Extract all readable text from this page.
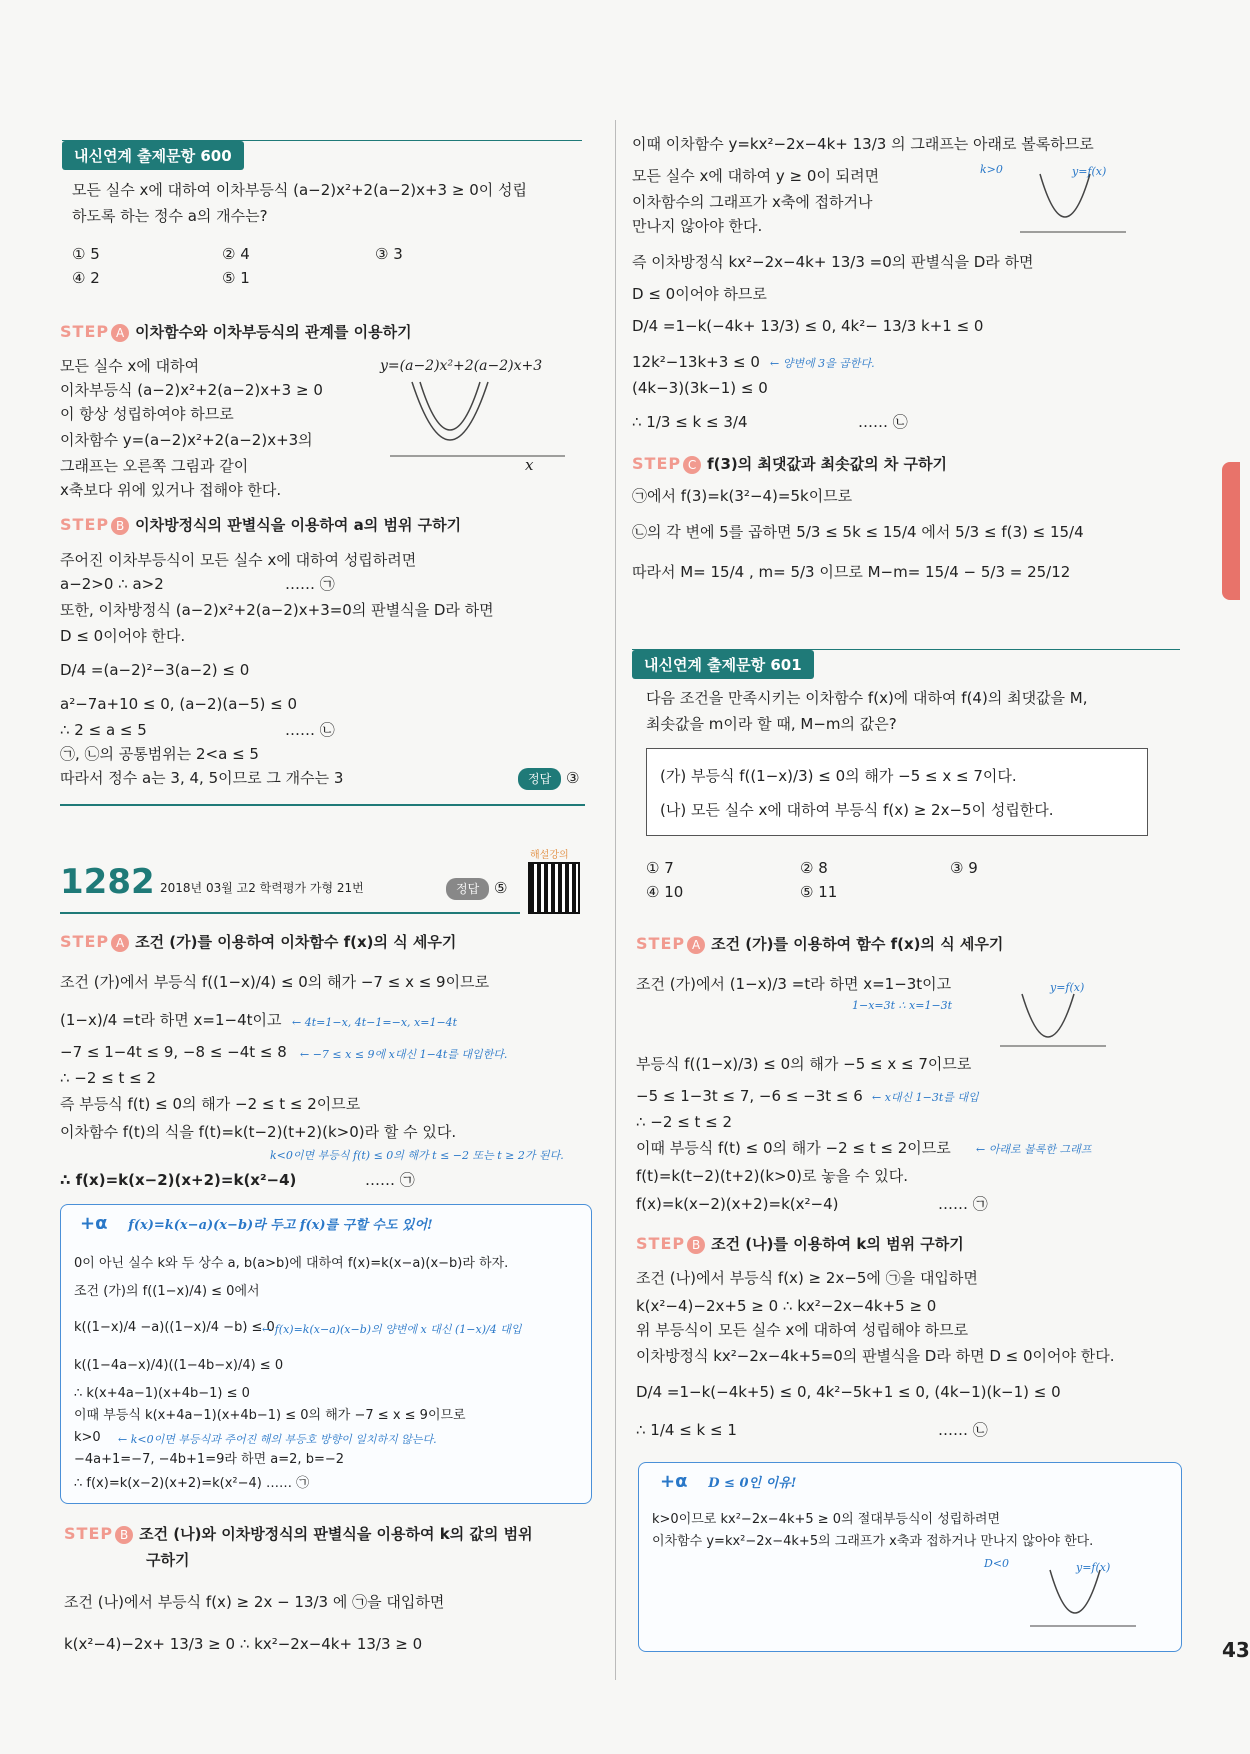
내신연계 출제문항 600
모든 실수 x에 대하여 이차부등식 (a−2)x²+2(a−2)x+3 ≥ 0이 성립
하도록 하는 정수 a의 개수는?
① 5	② 4	③ 3
④ 2	⑤ 1
STEP A 이차함수와 이차부등식의 관계를 이용하기
모든 실수 x에 대하여
이차부등식 (a−2)x²+2(a−2)x+3 ≥ 0
이 항상 성립하여야 하므로
이차함수 y=(a−2)x²+2(a−2)x+3의
그래프는 오른쪽 그림과 같이
x축보다 위에 있거나 접해야 한다.
y=(a−2)x²+2(a−2)x+3
x
STEP B 이차방정식의 판별식을 이용하여 a의 범위 구하기
주어진 이차부등식이 모든 실수 x에 대하여 성립하려면
a−2>0 ∴ a>2	…… ㉠
또한, 이차방정식 (a−2)x²+2(a−2)x+3=0의 판별식을 D라 하면
D ≤ 0이어야 한다.
D/4 =(a−2)²−3(a−2) ≤ 0
a²−7a+10 ≤ 0, (a−2)(a−5) ≤ 0
∴ 2 ≤ a ≤ 5	…… ㉡
㉠, ㉡의 공통범위는 2<a ≤ 5
따라서 정수 a는 3, 4, 5이므로 그 개수는 3	정답 ③
1282 2018년 03월 고2 학력평가 가형 21번	정답 ⑤
해설강의
STEP A 조건 (가)를 이용하여 이차함수 f(x)의 식 세우기
조건 (가)에서 부등식 f((1−x)/4) ≤ 0의 해가 −7 ≤ x ≤ 9이므로
(1−x)/4 =t라 하면 x=1−4t이고 ← 4t=1−x, 4t−1=−x, x=1−4t
−7 ≤ 1−4t ≤ 9, −8 ≤ −4t ≤ 8 ← −7 ≤ x ≤ 9에 x대신 1−4t를 대입한다.
∴ −2 ≤ t ≤ 2
즉 부등식 f(t) ≤ 0의 해가 −2 ≤ t ≤ 2이므로
이차함수 f(t)의 식을 f(t)=k(t−2)(t+2)(k>0)라 할 수 있다.
k<0이면 부등식 f(t) ≤ 0의 해가 t ≤ −2 또는 t ≥ 2가 된다.
∴ f(x)=k(x−2)(x+2)=k(x²−4)	…… ㉠
+α f(x)=k(x−a)(x−b)라 두고 f(x)를 구할 수도 있어!
0이 아닌 실수 k와 두 상수 a, b(a>b)에 대하여 f(x)=k(x−a)(x−b)라 하자.
조건 (가)의 f((1−x)/4) ≤ 0에서
k((1−x)/4 −a)((1−x)/4 −b) ≤ 0
← f(x)=k(x−a)(x−b)의 양변에 x 대신 (1−x)/4 대입
k((1−4a−x)/4)((1−4b−x)/4) ≤ 0
∴ k(x+4a−1)(x+4b−1) ≤ 0
이때 부등식 k(x+4a−1)(x+4b−1) ≤ 0의 해가 −7 ≤ x ≤ 9이므로
k>0 ← k<0이면 부등식과 주어진 해의 부등호 방향이 일치하지 않는다.
−4a+1=−7, −4b+1=9라 하면 a=2, b=−2
∴ f(x)=k(x−2)(x+2)=k(x²−4) …… ㉠
STEP B 조건 (나)와 이차방정식의 판별식을 이용하여 k의 값의 범위
구하기
조건 (나)에서 부등식 f(x) ≥ 2x − 13/3 에 ㉠을 대입하면
k(x²−4)−2x+ 13/3 ≥ 0 ∴ kx²−2x−4k+ 13/3 ≥ 0
이때 이차함수 y=kx²−2x−4k+ 13/3 의 그래프는 아래로 볼록하므로
모든 실수 x에 대하여 y ≥ 0이 되려면
이차함수의 그래프가 x축에 접하거나
만나지 않아야 한다.
k>0	y=f(x)
즉 이차방정식 kx²−2x−4k+ 13/3 =0의 판별식을 D라 하면
D ≤ 0이어야 하므로
D/4 =1−k(−4k+ 13/3) ≤ 0, 4k²− 13/3 k+1 ≤ 0
12k²−13k+3 ≤ 0 ← 양변에 3을 곱한다.
(4k−3)(3k−1) ≤ 0
∴ 1/3 ≤ k ≤ 3/4	…… ㉡
STEP C f(3)의 최댓값과 최솟값의 차 구하기
㉠에서 f(3)=k(3²−4)=5k이므로
㉡의 각 변에 5를 곱하면 5/3 ≤ 5k ≤ 15/4 에서 5/3 ≤ f(3) ≤ 15/4
따라서 M= 15/4 , m= 5/3 이므로 M−m= 15/4 − 5/3 = 25/12
내신연계 출제문항 601
다음 조건을 만족시키는 이차함수 f(x)에 대하여 f(4)의 최댓값을 M,
최솟값을 m이라 할 때, M−m의 값은?
(가) 부등식 f((1−x)/3) ≤ 0의 해가 −5 ≤ x ≤ 7이다.
(나) 모든 실수 x에 대하여 부등식 f(x) ≥ 2x−5이 성립한다.
① 7	② 8	③ 9
④ 10	⑤ 11
STEP A 조건 (가)를 이용하여 함수 f(x)의 식 세우기
조건 (가)에서 (1−x)/3 =t라 하면 x=1−3t이고
1−x=3t ∴ x=1−3t
y=f(x)
부등식 f((1−x)/3) ≤ 0의 해가 −5 ≤ x ≤ 7이므로
−5 ≤ 1−3t ≤ 7, −6 ≤ −3t ≤ 6 ← x대신 1−3t를 대입
∴ −2 ≤ t ≤ 2
이때 부등식 f(t) ≤ 0의 해가 −2 ≤ t ≤ 2이므로 ← 아래로 볼록한 그래프
f(t)=k(t−2)(t+2)(k>0)로 놓을 수 있다.
f(x)=k(x−2)(x+2)=k(x²−4)	…… ㉠
STEP B 조건 (나)를 이용하여 k의 범위 구하기
조건 (나)에서 부등식 f(x) ≥ 2x−5에 ㉠을 대입하면
k(x²−4)−2x+5 ≥ 0 ∴ kx²−2x−4k+5 ≥ 0
위 부등식이 모든 실수 x에 대하여 성립해야 하므로
이차방정식 kx²−2x−4k+5=0의 판별식을 D라 하면 D ≤ 0이어야 한다.
D/4 =1−k(−4k+5) ≤ 0, 4k²−5k+1 ≤ 0, (4k−1)(k−1) ≤ 0
∴ 1/4 ≤ k ≤ 1	…… ㉡
+α D ≤ 0인 이유!
k>0이므로 kx²−2x−4k+5 ≥ 0의 절대부등식이 성립하려면
이차함수 y=kx²−2x−4k+5의 그래프가 x축과 접하거나 만나지 않아야 한다.
D<0	y=f(x)
43
